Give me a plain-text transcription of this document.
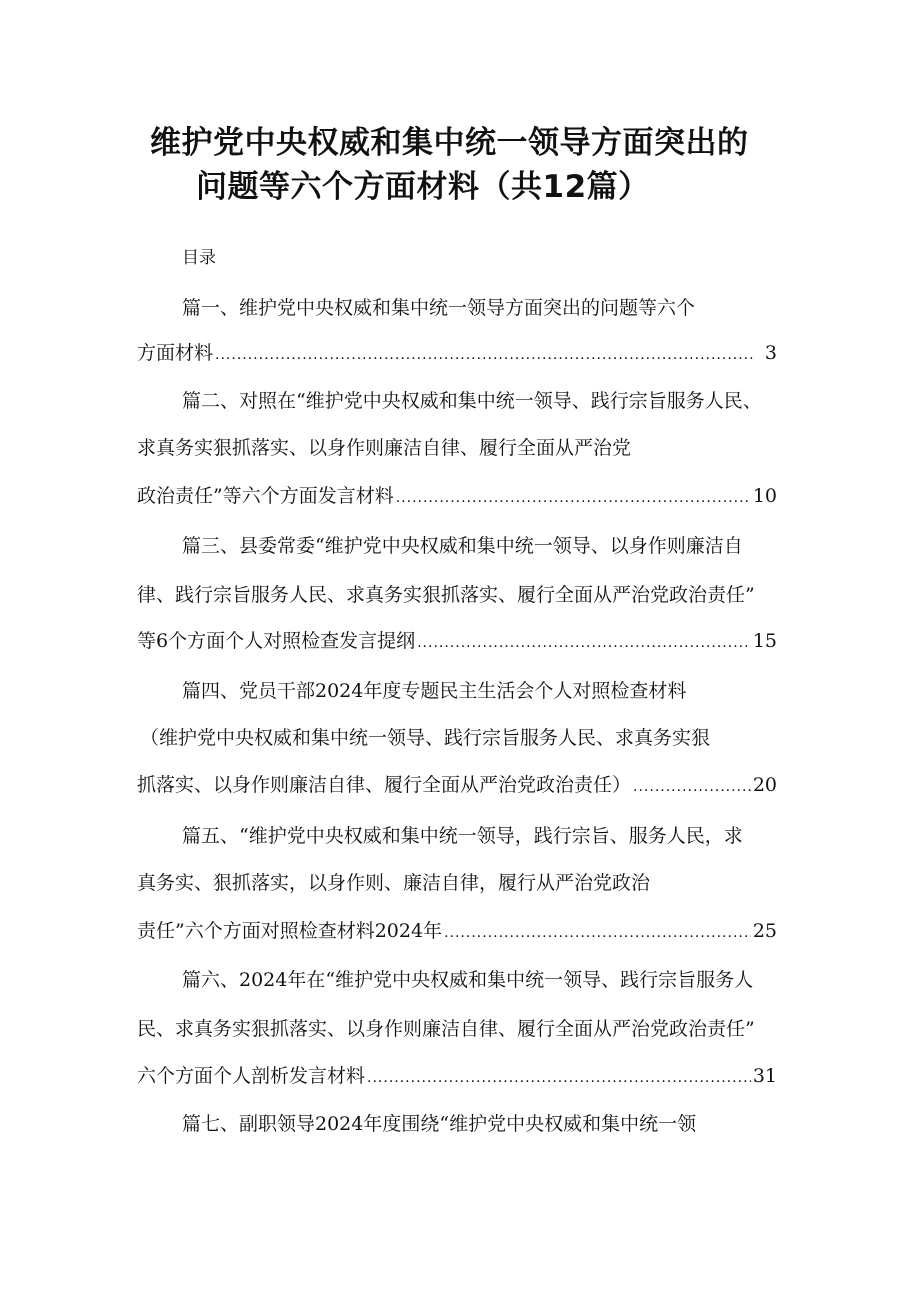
维护党中央权威和集中统一领导方面突出的
问题等六个方面材料（共12篇）
目录
篇一、维护党中央权威和集中统一领导方面突出的问题等六个
方面材料 .....	3
篇二、对照在“维护党中央权威和集中统一领导、践行宗旨服务人民、
求真务实狠抓落实、以身作则廉洁自律、履行全面从严治党
政治责任”等六个方面发言材料 .....	10
篇三、县委常委“维护党中央权威和集中统一领导、以身作则廉洁自
律、践行宗旨服务人民、求真务实狠抓落实、履行全面从严治党政治责任”
等6个方面个人对照检查发言提纲 .....	15
篇四、党员干部2024年度专题民主生活会个人对照检查材料
（维护党中央权威和集中统一领导、践行宗旨服务人民、求真务实狠
抓落实、以身作则廉洁自律、履行全面从严治党政治责任） .....	20
篇五、“维护党中央权威和集中统一领导，践行宗旨、服务人民，求
真务实、狠抓落实，以身作则、廉洁自律，履行从严治党政治
责任”六个方面对照检查材料2024年 .....	25
篇六、2024年在“维护党中央权威和集中统一领导、践行宗旨服务人
民、求真务实狠抓落实、以身作则廉洁自律、履行全面从严治党政治责任”
六个方面个人剖析发言材料 .....	31
篇七、副职领导2024年度围绕“维护党中央权威和集中统一领
